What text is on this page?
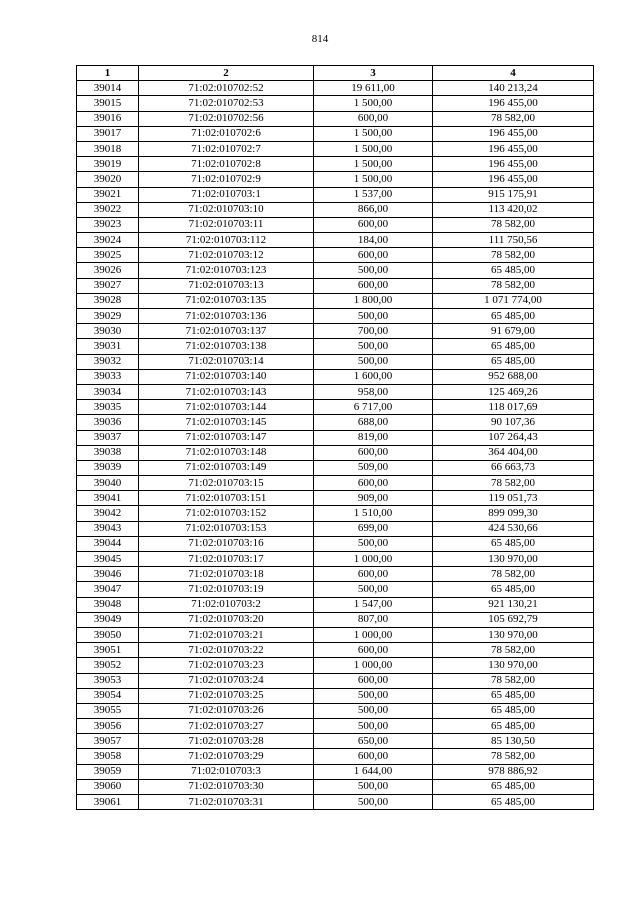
814
1	2	3	4
39014	71:02:010702:52	19 611,00	140 213,24
39015	71:02:010702:53	1 500,00	196 455,00
39016	71:02:010702:56	600,00	78 582,00
39017	71:02:010702:6	1 500,00	196 455,00
39018	71:02:010702:7	1 500,00	196 455,00
39019	71:02:010702:8	1 500,00	196 455,00
39020	71:02:010702:9	1 500,00	196 455,00
39021	71:02:010703:1	1 537,00	915 175,91
39022	71:02:010703:10	866,00	113 420,02
39023	71:02:010703:11	600,00	78 582,00
39024	71:02:010703:112	184,00	111 750,56
39025	71:02:010703:12	600,00	78 582,00
39026	71:02:010703:123	500,00	65 485,00
39027	71:02:010703:13	600,00	78 582,00
39028	71:02:010703:135	1 800,00	1 071 774,00
39029	71:02:010703:136	500,00	65 485,00
39030	71:02:010703:137	700,00	91 679,00
39031	71:02:010703:138	500,00	65 485,00
39032	71:02:010703:14	500,00	65 485,00
39033	71:02:010703:140	1 600,00	952 688,00
39034	71:02:010703:143	958,00	125 469,26
39035	71:02:010703:144	6 717,00	118 017,69
39036	71:02:010703:145	688,00	90 107,36
39037	71:02:010703:147	819,00	107 264,43
39038	71:02:010703:148	600,00	364 404,00
39039	71:02:010703:149	509,00	66 663,73
39040	71:02:010703:15	600,00	78 582,00
39041	71:02:010703:151	909,00	119 051,73
39042	71:02:010703:152	1 510,00	899 099,30
39043	71:02:010703:153	699,00	424 530,66
39044	71:02:010703:16	500,00	65 485,00
39045	71:02:010703:17	1 000,00	130 970,00
39046	71:02:010703:18	600,00	78 582,00
39047	71:02:010703:19	500,00	65 485,00
39048	71:02:010703:2	1 547,00	921 130,21
39049	71:02:010703:20	807,00	105 692,79
39050	71:02:010703:21	1 000,00	130 970,00
39051	71:02:010703:22	600,00	78 582,00
39052	71:02:010703:23	1 000,00	130 970,00
39053	71:02:010703:24	600,00	78 582,00
39054	71:02:010703:25	500,00	65 485,00
39055	71:02:010703:26	500,00	65 485,00
39056	71:02:010703:27	500,00	65 485,00
39057	71:02:010703:28	650,00	85 130,50
39058	71:02:010703:29	600,00	78 582,00
39059	71:02:010703:3	1 644,00	978 886,92
39060	71:02:010703:30	500,00	65 485,00
39061	71:02:010703:31	500,00	65 485,00
